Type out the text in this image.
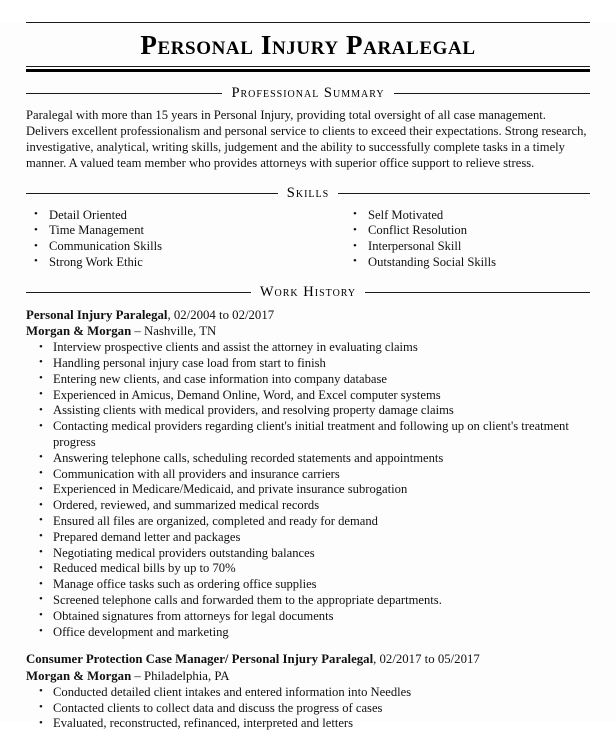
Personal Injury Paralegal
Professional Summary

Paralegal with more than 15 years in Personal Injury, providing total oversight of all case management. Delivers excellent professionalism and personal service to clients to exceed their expectations. Strong research, investigative, analytical, writing skills, judgement and the ability to successfully complete tasks in a timely manner. A valued team member who provides attorneys with superior office support to relieve stress.

Skills
• Detail Oriented
• Time Management
• Communication Skills
• Strong Work Ethic
• Self Motivated
• Conflict Resolution
• Interpersonal Skill
• Outstanding Social Skills
Work History
Personal Injury Paralegal, 02/2004 to 02/2017
Morgan & Morgan – Nashville, TN
• Interview prospective clients and assist the attorney in evaluating claims
• Handling personal injury case load from start to finish
• Entering new clients, and case information into company database
• Experienced in Amicus, Demand Online, Word, and Excel computer systems
• Assisting clients with medical providers, and resolving property damage claims
• Contacting medical providers regarding client's initial treatment and following up on client's treatment progress
• Answering telephone calls, scheduling recorded statements and appointments
• Communication with all providers and insurance carriers
• Experienced in Medicare/Medicaid, and private insurance subrogation
• Ordered, reviewed, and summarized medical records
• Ensured all files are organized, completed and ready for demand
• Prepared demand letter and packages
• Negotiating medical providers outstanding balances
• Reduced medical bills by up to 70%
• Manage office tasks such as ordering office supplies
• Screened telephone calls and forwarded them to the appropriate departments.
• Obtained signatures from attorneys for legal documents
• Office development and marketing
Consumer Protection Case Manager/ Personal Injury Paralegal, 02/2017 to 05/2017
Morgan & Morgan – Philadelphia, PA
• Conducted detailed client intakes and entered information into Needles
• Contacted clients to collect data and discuss the progress of cases
• Evaluated, reconstructed, refinanced, interpreted and letters
